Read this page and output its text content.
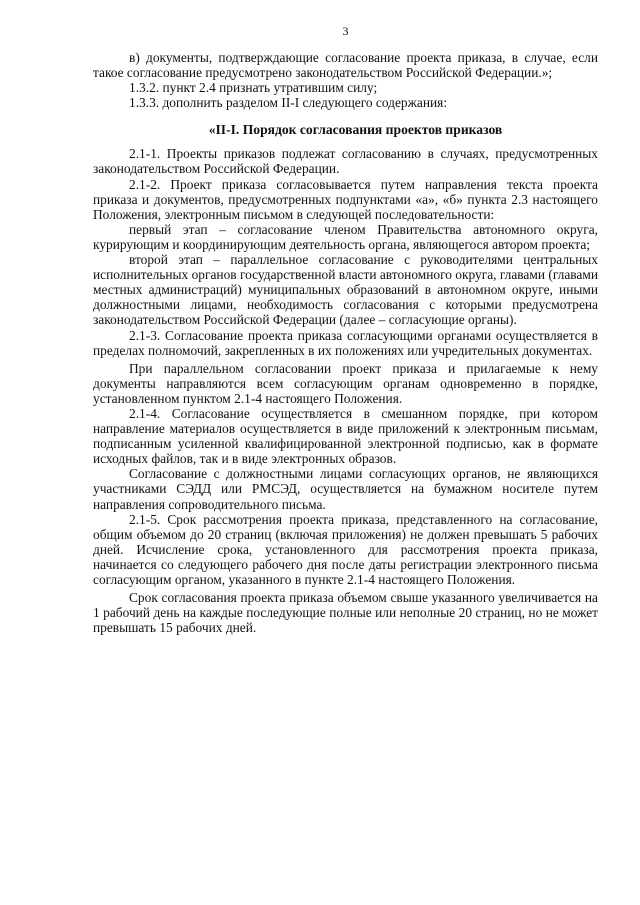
3

в) документы, подтверждающие согласование проекта приказа, в случае, если такое согласование предусмотрено законодательством Российской Федерации.»;

1.3.2. пункт 2.4 признать утратившим силу;

1.3.3. дополнить разделом II-I следующего содержания:

«II-I. Порядок согласования проектов приказов

2.1-1. Проекты приказов подлежат согласованию в случаях, предусмотренных законодательством Российской Федерации.

2.1-2. Проект приказа согласовывается путем направления текста проекта приказа и документов, предусмотренных подпунктами «а», «б» пункта 2.3 настоящего Положения, электронным письмом в следующей последовательности:

первый этап – согласование членом Правительства автономного округа, курирующим и координирующим деятельность органа, являющегося автором проекта;

второй этап – параллельное согласование с руководителями центральных исполнительных органов государственной власти автономного округа, главами (главами местных администраций) муниципальных образований в автономном округе, иными должностными лицами, необходимость согласования с которыми предусмотрена законодательством Российской Федерации (далее – согласующие органы).

2.1-3. Согласование проекта приказа согласующими органами осуществляется в пределах полномочий, закрепленных в их положениях или учредительных документах.

При параллельном согласовании проект приказа и прилагаемые к нему документы направляются всем согласующим органам одновременно в порядке, установленном пунктом 2.1-4 настоящего Положения.

2.1-4. Согласование осуществляется в смешанном порядке, при котором направление материалов осуществляется в виде приложений к электронным письмам, подписанным усиленной квалифицированной электронной подписью, как в формате исходных файлов, так и в виде электронных образов.

Согласование с должностными лицами согласующих органов, не являющихся участниками СЭДД или РМСЭД, осуществляется на бумажном носителе путем направления сопроводительного письма.

2.1-5. Срок рассмотрения проекта приказа, представленного на согласование, общим объемом до 20 страниц (включая приложения) не должен превышать 5 рабочих дней. Исчисление срока, установленного для рассмотрения проекта приказа, начинается со следующего рабочего дня после даты регистрации электронного письма согласующим органом, указанного в пункте 2.1-4 настоящего Положения.

Срок согласования проекта приказа объемом свыше указанного увеличивается на 1 рабочий день на каждые последующие полные или неполные 20 страниц, но не может превышать 15 рабочих дней.
